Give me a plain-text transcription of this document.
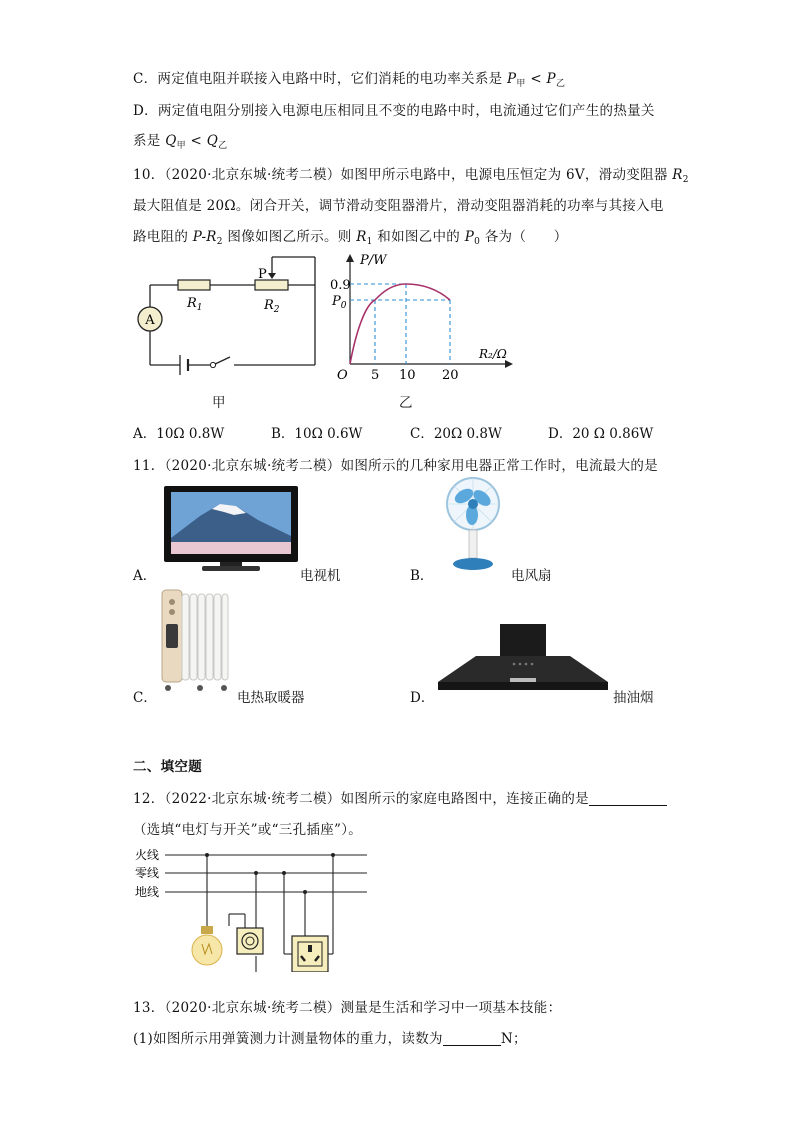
C．两定值电阻并联接入电路中时，它们消耗的电功率关系是 $P_甲 < P_乙$
D．两定值电阻分别接入电源电压相同且不变的电路中时，电流通过它们产生的热量关
系是 $Q_甲 < Q_乙$
10．（2020·北京东城·统考二模）如图甲所示电路中，电源电压恒定为 6V，滑动变阻器 $R_2$
最大阻值是 20Ω。闭合开关，调节滑动变阻器滑片，滑动变阻器消耗的功率与其接入电
路电阻的 $P-R_2$ 图像如图乙所示。则 $R_1$ 和如图乙中的 $P_0$ 各为（　　）
A
P
$R_1$	$R_2$
甲
P/W
R₂/Ω
0.9
$P_0$
O 5 10 20
乙
A．10Ω 0.8W	B．10Ω 0.6W	C．20Ω 0.8W	D．20 Ω 0.86W
11．（2020·北京东城·统考二模）如图所示的几种家用电器正常工作时，电流最大的是
A．	电视机	B．	电风扇
C．	电热取暖器	D．	抽油烟
二、填空题
12．（2022·北京东城·统考二模）如图所示的家庭电路图中，连接正确的是
（选填“电灯与开关”或“三孔插座”）。
火线
零线
地线
13．（2020·北京东城·统考二模）测量是生活和学习中一项基本技能：
(1)如图所示用弹簧测力计测量物体的重力，读数为	N；
